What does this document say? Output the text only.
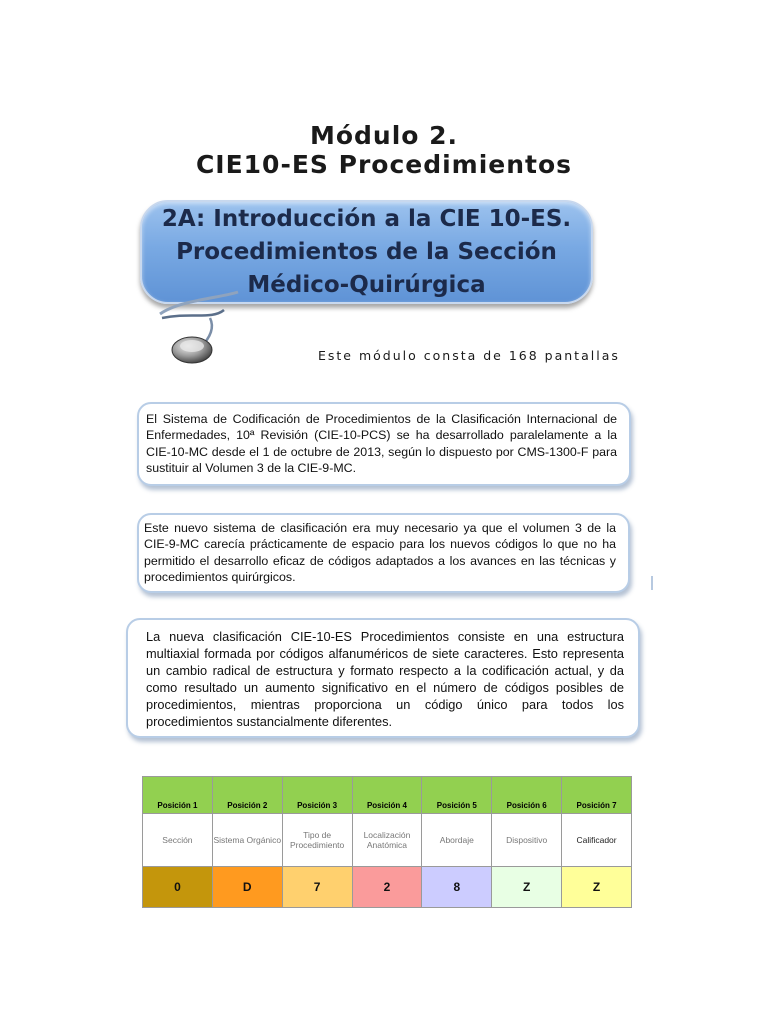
Módulo 2.
CIE10-ES Procedimientos
2A: Introducción a la CIE 10-ES.
Procedimientos de la Sección
Médico-Quirúrgica
Este módulo consta de 168 pantallas
El Sistema de Codificación de Procedimientos de la Clasificación Internacional de Enfermedades, 10ª Revisión (CIE-10-PCS) se ha desarrollado paralelamente a la CIE-10-MC desde el 1 de octubre de 2013, según lo dispuesto por CMS-1300-F para sustituir al Volumen 3 de la CIE-9-MC.
Este nuevo sistema de clasificación era muy necesario ya que el volumen 3 de la CIE-9-MC carecía prácticamente de espacio para los nuevos códigos lo que no ha permitido el desarrollo eficaz de códigos adaptados a los avances en las técnicas y procedimientos quirúrgicos.
La nueva clasificación CIE-10-ES Procedimientos consiste en una estructura multiaxial formada por códigos alfanuméricos de siete caracteres. Esto representa un cambio radical de estructura y formato respecto a la codificación actual, y da como resultado un aumento significativo en el número de códigos posibles de procedimientos, mientras proporciona un código único para todos los procedimientos sustancialmente diferentes.
Posición 1	Posición 2	Posición 3	Posición 4	Posición 5	Posición 6	Posición 7
Sección	Sistema Orgánico	Tipo de Procedimiento	Localización Anatómica	Abordaje	Dispositivo	Calificador
0	D	7	2	8	Z	Z
